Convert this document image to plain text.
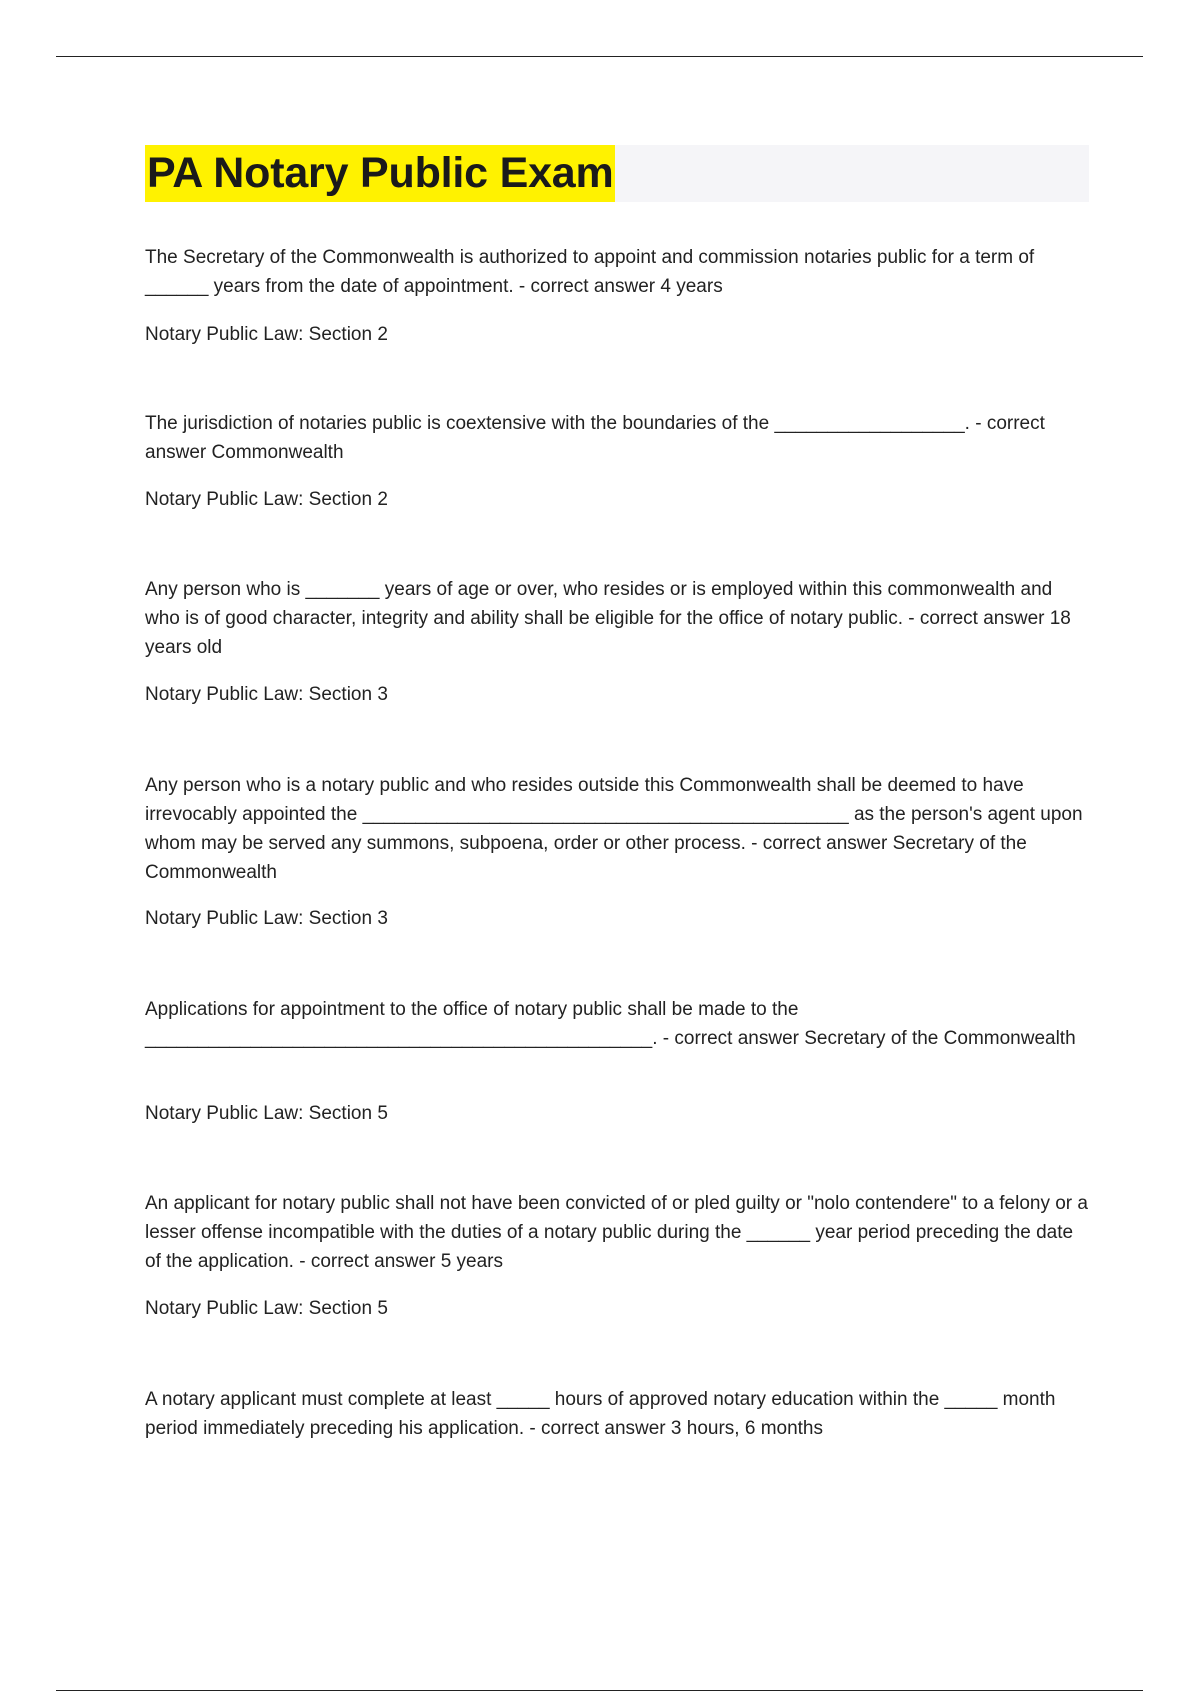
PA Notary Public Exam

The Secretary of the Commonwealth is authorized to appoint and commission notaries public for a term of ______ years from the date of appointment. - correct answer 4 years

Notary Public Law: Section 2

The jurisdiction of notaries public is coextensive with the boundaries of the __________________. - correct answer Commonwealth

Notary Public Law: Section 2

Any person who is _______ years of age or over, who resides or is employed within this commonwealth and who is of good character, integrity and ability shall be eligible for the office of notary public. - correct answer 18 years old

Notary Public Law: Section 3

Any person who is a notary public and who resides outside this Commonwealth shall be deemed to have irrevocably appointed the ______________________________________________ as the person's agent upon whom may be served any summons, subpoena, order or other process. - correct answer Secretary of the Commonwealth

Notary Public Law: Section 3

Applications for appointment to the office of notary public shall be made to the ________________________________________________. - correct answer Secretary of the Commonwealth

Notary Public Law: Section 5

An applicant for notary public shall not have been convicted of or pled guilty or "nolo contendere" to a felony or a lesser offense incompatible with the duties of a notary public during the ______ year period preceding the date of the application. - correct answer 5 years

Notary Public Law: Section 5

A notary applicant must complete at least _____ hours of approved notary education within the _____ month period immediately preceding his application. - correct answer 3 hours, 6 months
